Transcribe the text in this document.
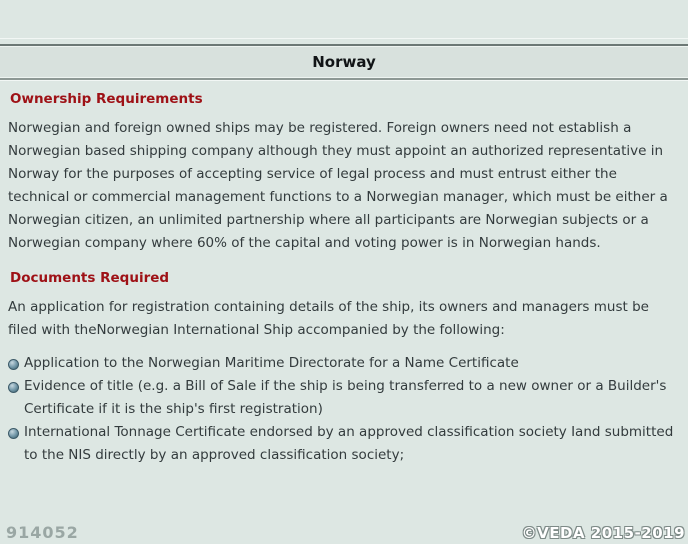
Norway
Ownership Requirements

Norwegian and foreign owned ships may be registered. Foreign owners need not establish a Norwegian based shipping company although they must appoint an authorized representative in Norway for the purposes of accepting service of legal process and must entrust either the technical or commercial management functions to a Norwegian manager, which must be either a Norwegian citizen, an unlimited partnership where all participants are Norwegian subjects or a Norwegian company where 60% of the capital and voting power is in Norwegian hands.

Documents Required

An application for registration containing details of the ship, its owners and managers must be filed with theNorwegian International Ship accompanied by the following:

Application to the Norwegian Maritime Directorate for a Name Certificate
Evidence of title (e.g. a Bill of Sale if the ship is being transferred to a new owner or a Builder's Certificate if it is the ship's first registration)
International Tonnage Certificate endorsed by an approved classification society Iand submitted to the NIS directly by an approved classification society;
914052	©VEDA 2015-2019
